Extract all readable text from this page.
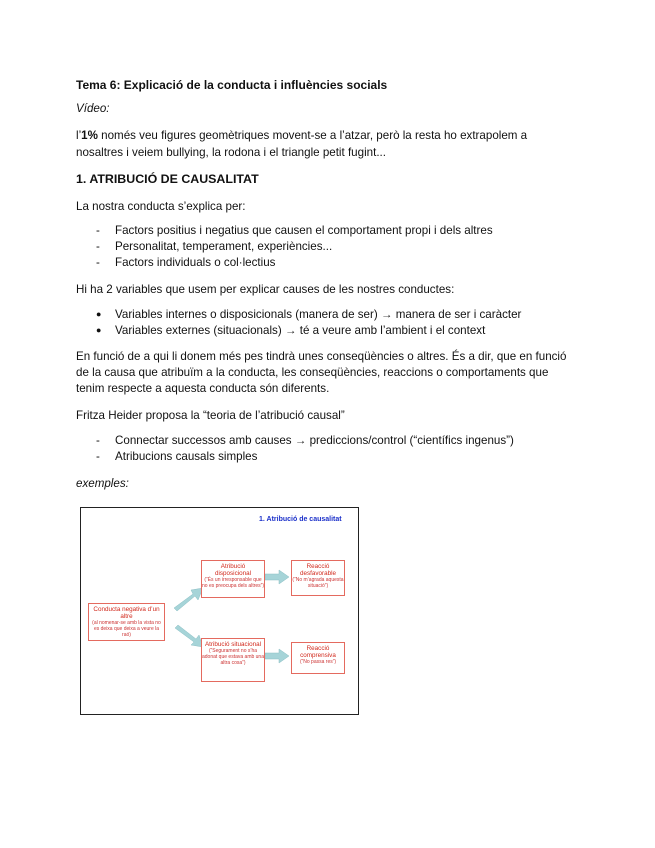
Tema 6: Explicació de la conducta i influències socials
Vídeo:
l’1% només veu figures geomètriques movent-se a l’atzar, però la resta ho extrapolem a
nosaltres i veiem bullying, la rodona i el triangle petit fugint...
1. ATRIBUCIÓ DE CAUSALITAT
La nostra conducta s’explica per:
- Factors positius i negatius que causen el comportament propi i dels altres
- Personalitat, temperament, experiències...
- Factors individuals o col·lectius
Hi ha 2 variables que usem per explicar causes de les nostres conductes:
● Variables internes o disposicionals (manera de ser) → manera de ser i caràcter
● Variables externes (situacionals) → té a veure amb l’ambient i el context
En funció de a qui li donem més pes tindrà unes conseqüències o altres. És a dir, que en funció
de la causa que atribuïm a la conducta, les conseqüències, reaccions o comportaments que
tenim respecte a aquesta conducta són diferents.
Fritza Heider proposa la “teoria de l’atribució causal”
- Connectar successos amb causes → prediccions/control (“científics ingenus”)
- Atribucions causals simples
exemples:
1. Atribució de causalitat
Conducta negativa d’un altre
(al nomenar-se amb la vista no es deixa que deixa a veure la raó)
Atribució disposicional
(“És un irresponsable que no es preocupa dels altres”)
Atribució situacional
(“Segurament no s’ha adonat que estava amb una altra cosa”)
Reacció desfavorable
(“No m’agrada aquesta situació”)
Reacció comprensiva
(“No passa res”)
